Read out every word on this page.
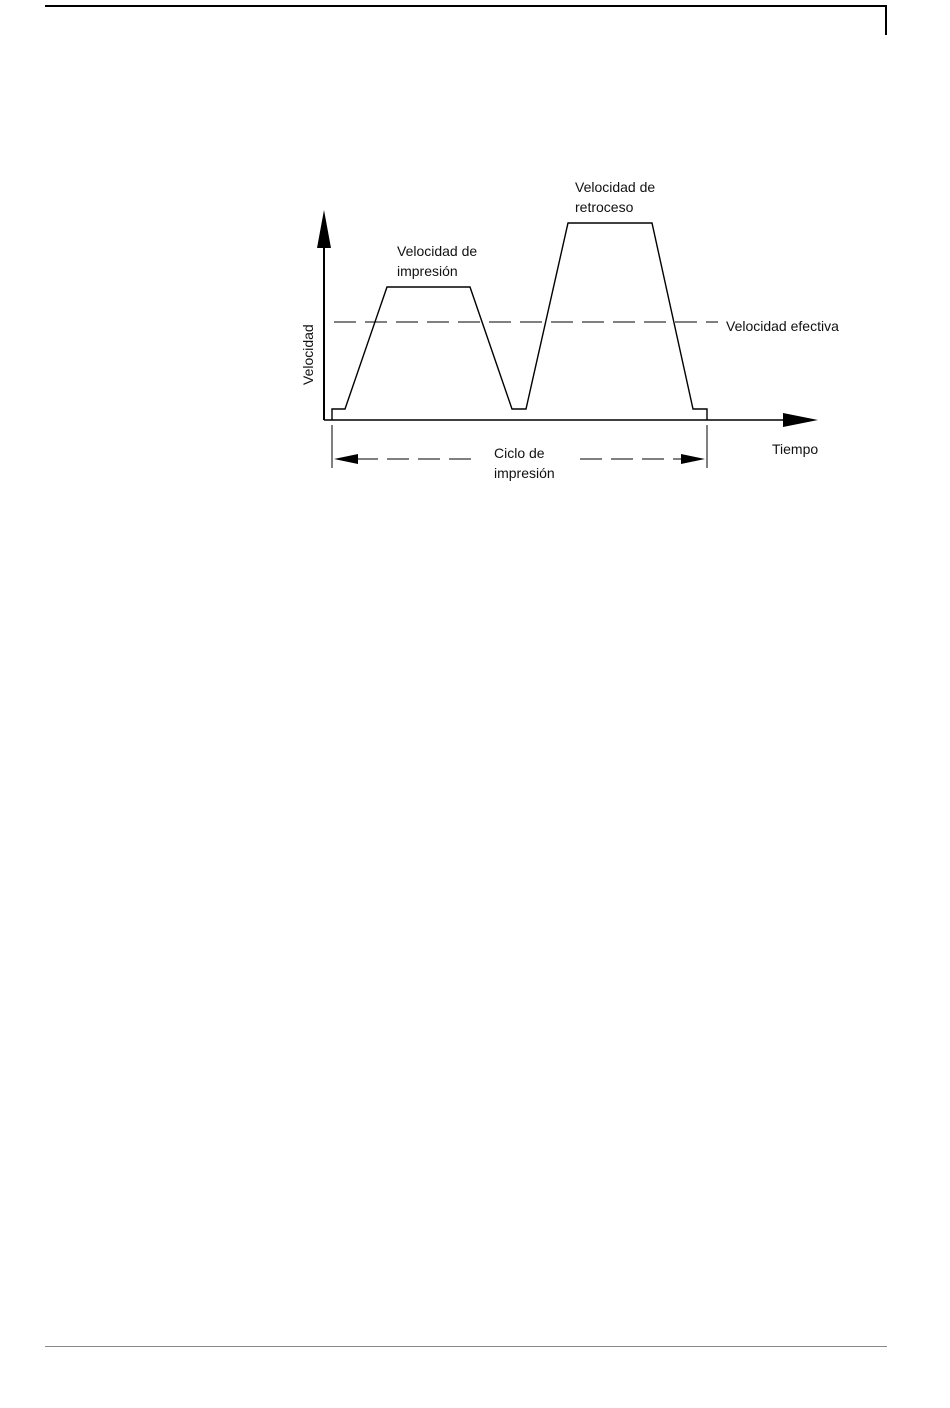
Velocidad
Tiempo
Velocidad de
impresión
Velocidad de
retroceso
Velocidad efectiva
Ciclo de
impresión
